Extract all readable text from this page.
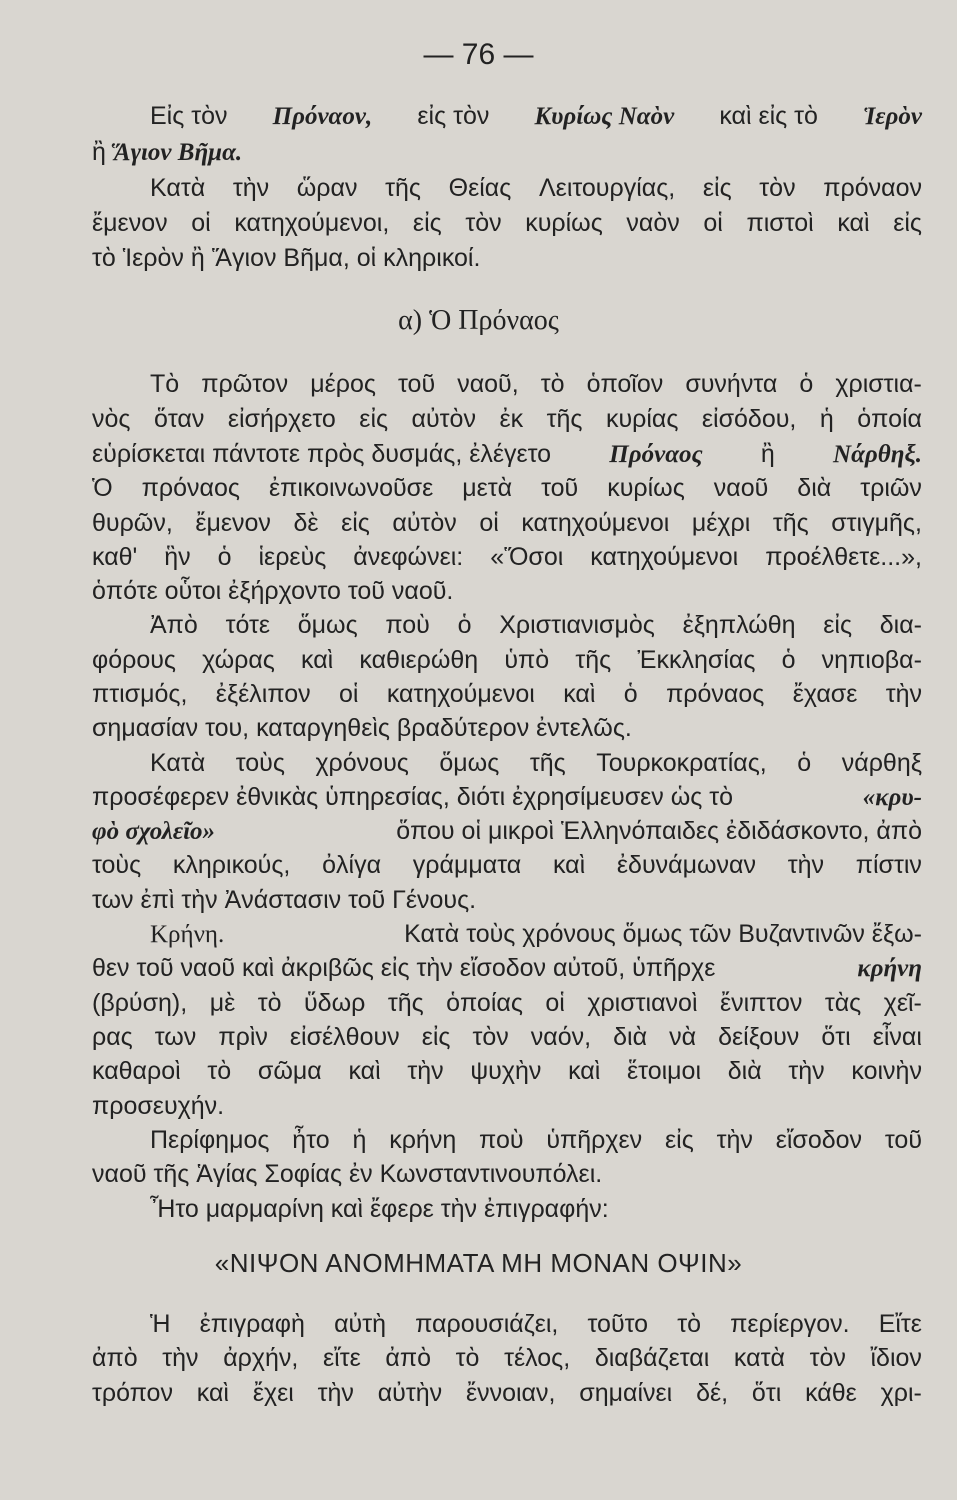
— 76 —
Εἰς τὸν Πρόναον, εἰς τὸν Κυρίως Ναὸν καὶ εἰς τὸ Ἱερὸν
ἢ Ἅγιον Βῆμα.
Κατὰ τὴν ὥραν τῆς Θείας Λειτουργίας, εἰς τὸν πρόναον
ἔμενον οἱ κατηχούμενοι, εἰς τὸν κυρίως ναὸν οἱ πιστοὶ καὶ εἰς
τὸ Ἱερὸν ἢ Ἅγιον Βῆμα, οἱ κληρικοί.
α) Ὁ Πρόναος
Τὸ πρῶτον μέρος τοῦ ναοῦ, τὸ ὁποῖον συνήντα ὁ χριστια-
νὸς ὅταν εἰσήρχετο εἰς αὐτὸν ἐκ τῆς κυρίας εἰσόδου, ἡ ὁποία
εὑρίσκεται πάντοτε πρὸς δυσμάς, ἐλέγετο Πρόναος ἢ Νάρθηξ.
Ὁ πρόναος ἐπικοινωνοῦσε μετὰ τοῦ κυρίως ναοῦ διὰ τριῶν
θυρῶν, ἔμενον δὲ εἰς αὐτὸν οἱ κατηχούμενοι μέχρι τῆς στιγμῆς,
καθ' ἣν ὁ ἱερεὺς ἀνεφώνει: «Ὅσοι κατηχούμενοι προέλθετε...»,
ὁπότε οὗτοι ἐξήρχοντο τοῦ ναοῦ.
Ἀπὸ τότε ὅμως ποὺ ὁ Χριστιανισμὸς ἐξηπλώθη εἰς δια-
φόρους χώρας καὶ καθιερώθη ὑπὸ τῆς Ἐκκλησίας ὁ νηπιοβα-
πτισμός, ἐξέλιπον οἱ κατηχούμενοι καὶ ὁ πρόναος ἔχασε τὴν
σημασίαν του, καταργηθεὶς βραδύτερον ἐντελῶς.
Κατὰ τοὺς χρόνους ὅμως τῆς Τουρκοκρατίας, ὁ νάρθηξ
προσέφερεν ἐθνικὰς ὑπηρεσίας, διότι ἐχρησίμευσεν ὡς τὸ	«κρυ-
φὸ σχολεῖο»	ὅπου οἱ μικροὶ Ἑλληνόπαιδες ἐδιδάσκοντο, ἀπὸ
τοὺς κληρικούς, ὀλίγα γράμματα καὶ ἐδυνάμωναν τὴν πίστιν
των ἐπὶ τὴν Ἀνάστασιν τοῦ Γένους.
Κρήνη.	Κατὰ τοὺς χρόνους ὅμως τῶν Βυζαντινῶν ἔξω-
θεν τοῦ ναοῦ καὶ ἀκριβῶς εἰς τὴν εἴσοδον αὐτοῦ, ὑπῆρχε	κρήνη
(βρύση), μὲ τὸ ὕδωρ τῆς ὁποίας οἱ χριστιανοὶ ἔνιπτον τὰς χεῖ-
ρας των πρὶν εἰσέλθουν εἰς τὸν ναόν, διὰ νὰ δείξουν ὅτι εἶναι
καθαροὶ τὸ σῶμα καὶ τὴν ψυχὴν καὶ ἕτοιμοι διὰ τὴν κοινὴν
προσευχήν.
Περίφημος ἦτο ἡ κρήνη ποὺ ὑπῆρχεν εἰς τὴν εἴσοδον τοῦ
ναοῦ τῆς Ἁγίας Σοφίας ἐν Κωνσταντινουπόλει.
Ἦτο μαρμαρίνη καὶ ἔφερε τὴν ἐπιγραφήν:
«ΝΙΨΟΝ ΑΝΟΜΗΜΑΤΑ ΜΗ ΜΟΝΑΝ ΟΨΙΝ»
Ἡ ἐπιγραφὴ αὐτὴ παρουσιάζει, τοῦτο τὸ περίεργον. Εἴτε
ἀπὸ τὴν ἀρχήν, εἴτε ἀπὸ τὸ τέλος, διαβάζεται κατὰ τὸν ἴδιον
τρόπον καὶ ἔχει τὴν αὐτὴν ἔννοιαν, σημαίνει δέ, ὅτι κάθε χρι-
